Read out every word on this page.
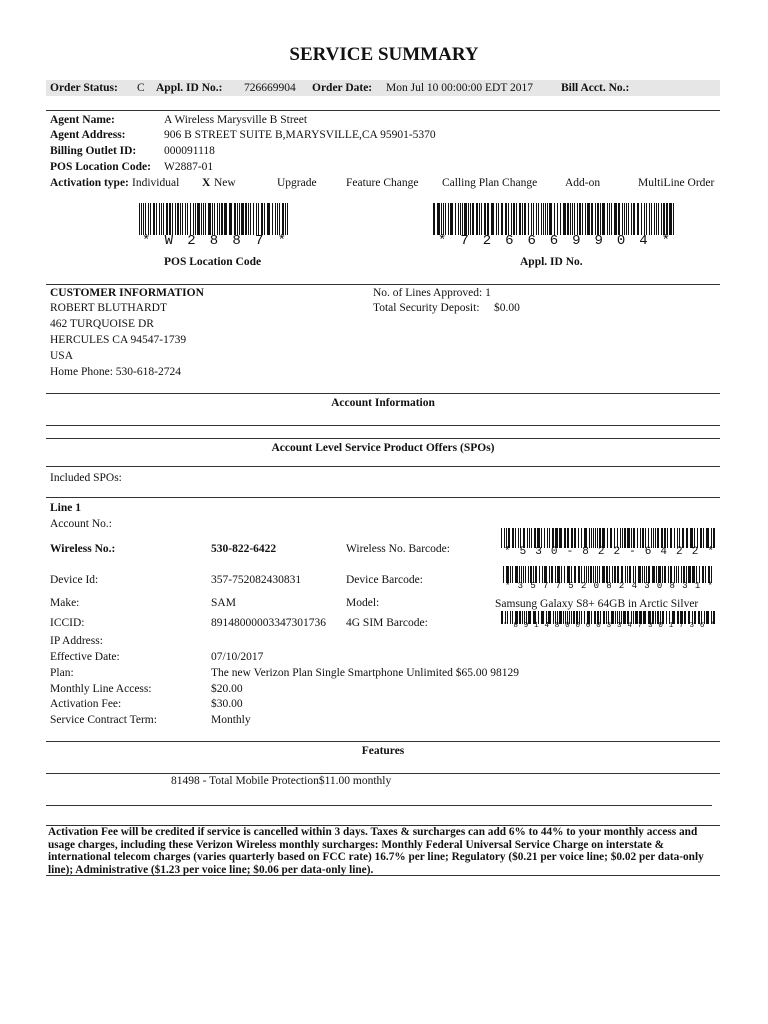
SERVICE SUMMARY
Order Status: C Appl. ID No.: 726669904 Order Date: Mon Jul 10 00:00:00 EDT 2017 Bill Acct. No.:
Agent Name:	A Wireless Marysville B Street
Agent Address:	906 B STREET SUITE B,MARYSVILLE,CA 95901-5370
Billing Outlet ID: 000091118
POS Location Code: W2887-01
Activation type: Individual X New	Upgrade	Feature Change Calling Plan Change Add-on	MultiLine Order
* W 2 8 8 7 *
POS Location Code
* 7 2 6 6 6 9 9 0 4 *
Appl. ID No.
CUSTOMER INFORMATION
ROBERT BLUTHARDT
462 TURQUOISE DR
HERCULES CA 94547-1739
USA
Home Phone: 530-618-2724
No. of Lines Approved: 1
Total Security Deposit: $0.00
Account Information
Account Level Service Product Offers (SPOs)
Included SPOs:
Line 1
Account No.:
Wireless No.:	530-822-6422	Wireless No. Barcode:	* 5 3 0 - 8 2 2 - 6 4 2 2 *
Device Id:	357-752082430831	Device Barcode:	* 3 5 7 7 5 2 0 8 2 4 3 0 8 3 1 *
Make:	SAM	Model:	Samsung Galaxy S8+ 64GB in Arctic Silver
ICCID:	89148000003347301736 4G SIM Barcode:	* 8 9 1 4 8 0 0 0 0 3 3 4 7 3 0 1 7 3 6 *
IP Address:
Effective Date:	07/10/2017
Plan:	The new Verizon Plan Single Smartphone Unlimited $65.00 98129
Monthly Line Access:	$20.00
Activation Fee:	$30.00
Service Contract Term:	Monthly
Features
81498 - Total Mobile Protection$11.00 monthly
Activation Fee will be credited if service is cancelled within 3 days. Taxes & surcharges can add 6% to 44% to your monthly access and usage charges, including these Verizon Wireless monthly surcharges: Monthly Federal Universal Service Charge on interstate & international telecom charges (varies quarterly based on FCC rate) 16.7% per line; Regulatory ($0.21 per voice line; $0.02 per data-only line); Administrative ($1.23 per voice line; $0.06 per data-only line).
